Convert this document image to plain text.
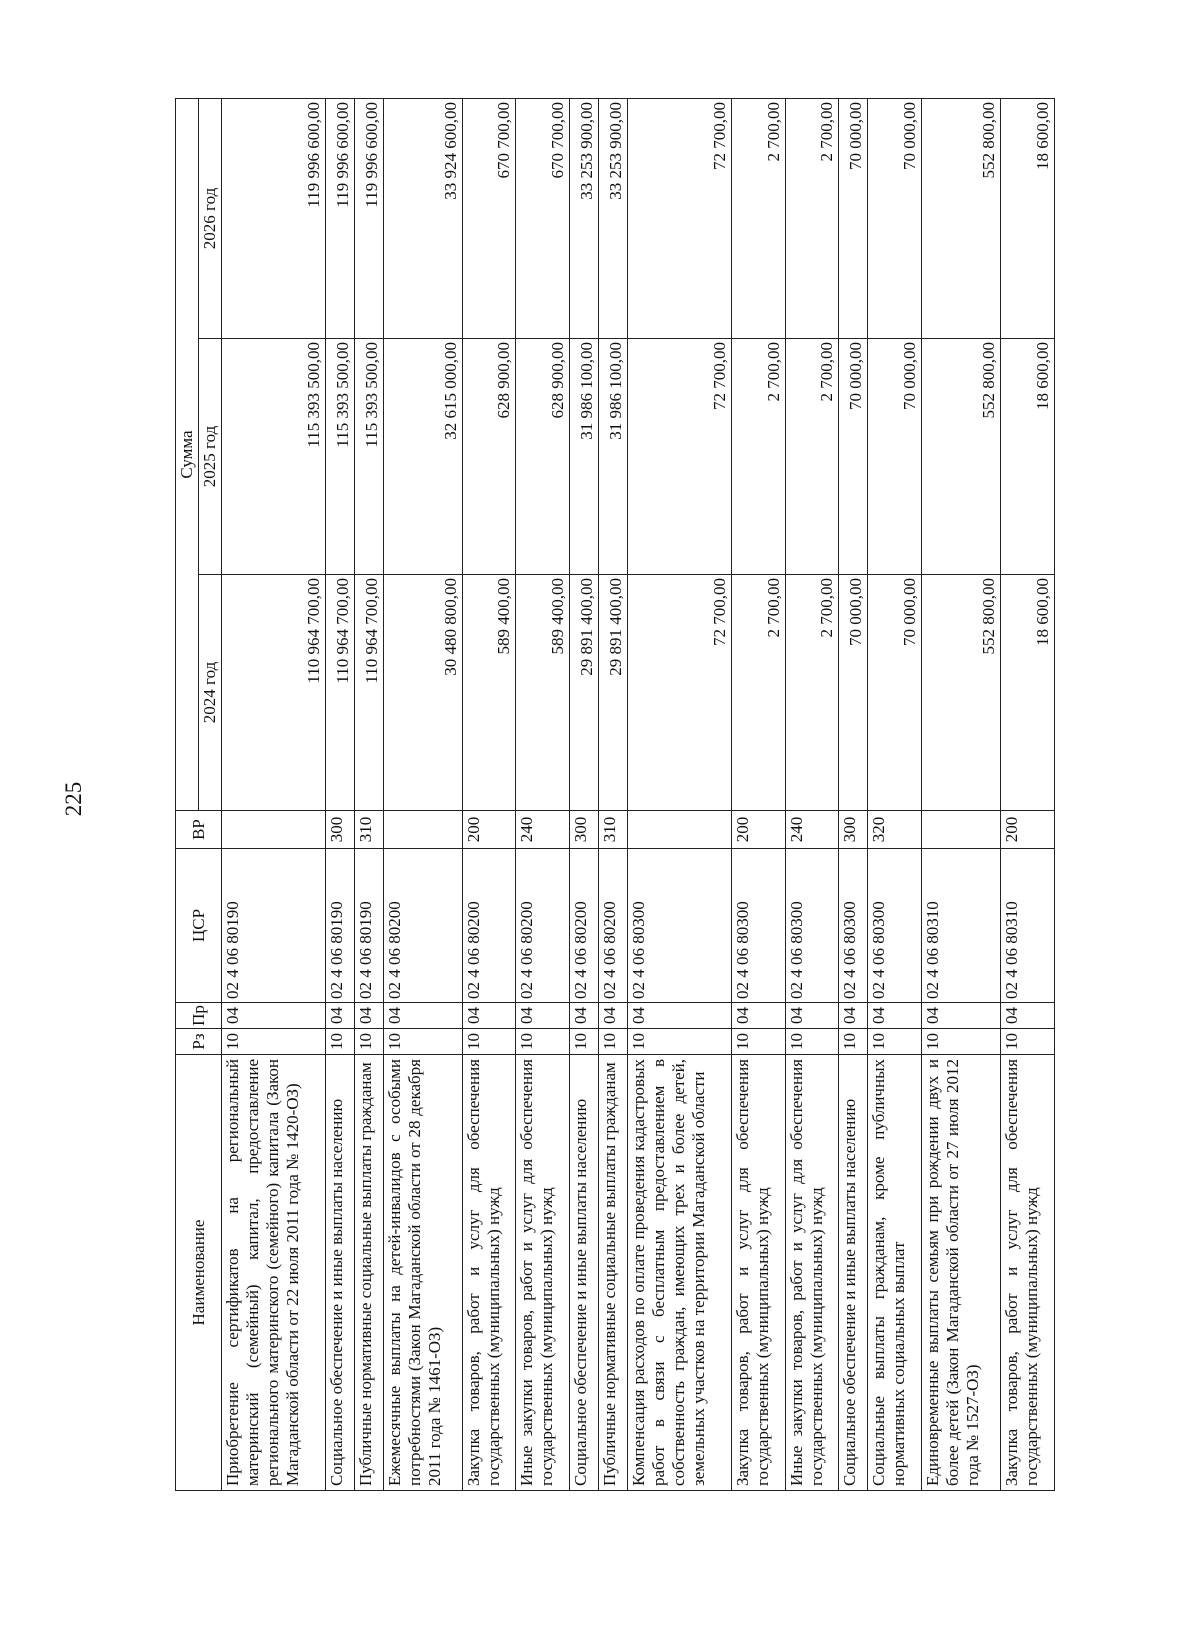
225
Наименование	Рз	Пр	ЦСР	ВР	Сумма		
					2024 год	2025 год	2026 год
Приобретение сертификатов на региональный материнский (семейный) капитал, предоставление регионального материнского (семейного) капитала (Закон Магаданской области от 22 июля 2011 года № 1420-ОЗ)	10	04	02 4 06 80190		110 964 700,00	115 393 500,00	119 996 600,00
Социальное обеспечение и иные выплаты населению	10	04	02 4 06 80190	300	110 964 700,00	115 393 500,00	119 996 600,00
Публичные нормативные социальные выплаты гражданам	10	04	02 4 06 80190	310	110 964 700,00	115 393 500,00	119 996 600,00
Ежемесячные выплаты на детей-инвалидов с особыми потребностями (Закон Магаданской области от 28 декабря 2011 года № 1461-ОЗ)	10	04	02 4 06 80200		30 480 800,00	32 615 000,00	33 924 600,00
Закупка товаров, работ и услуг для обеспечения государственных (муниципальных) нужд	10	04	02 4 06 80200	200	589 400,00	628 900,00	670 700,00
Иные закупки товаров, работ и услуг для обеспечения государственных (муниципальных) нужд	10	04	02 4 06 80200	240	589 400,00	628 900,00	670 700,00
Социальное обеспечение и иные выплаты населению	10	04	02 4 06 80200	300	29 891 400,00	31 986 100,00	33 253 900,00
Публичные нормативные социальные выплаты гражданам	10	04	02 4 06 80200	310	29 891 400,00	31 986 100,00	33 253 900,00
Компенсация расходов по оплате проведения кадастровых работ в связи с бесплатным предоставлением в собственность граждан, имеющих трех и более детей, земельных участков на территории Магаданской области	10	04	02 4 06 80300		72 700,00	72 700,00	72 700,00
Закупка товаров, работ и услуг для обеспечения государственных (муниципальных) нужд	10	04	02 4 06 80300	200	2 700,00	2 700,00	2 700,00
Иные закупки товаров, работ и услуг для обеспечения государственных (муниципальных) нужд	10	04	02 4 06 80300	240	2 700,00	2 700,00	2 700,00
Социальное обеспечение и иные выплаты населению	10	04	02 4 06 80300	300	70 000,00	70 000,00	70 000,00
Социальные выплаты гражданам, кроме публичных нормативных социальных выплат	10	04	02 4 06 80300	320	70 000,00	70 000,00	70 000,00
Единовременные выплаты семьям при рождении двух и более детей (Закон Магаданской области от 27 июля 2012 года № 1527-ОЗ)	10	04	02 4 06 80310		552 800,00	552 800,00	552 800,00
Закупка товаров, работ и услуг для обеспечения государственных (муниципальных) нужд	10	04	02 4 06 80310	200	18 600,00	18 600,00	18 600,00
